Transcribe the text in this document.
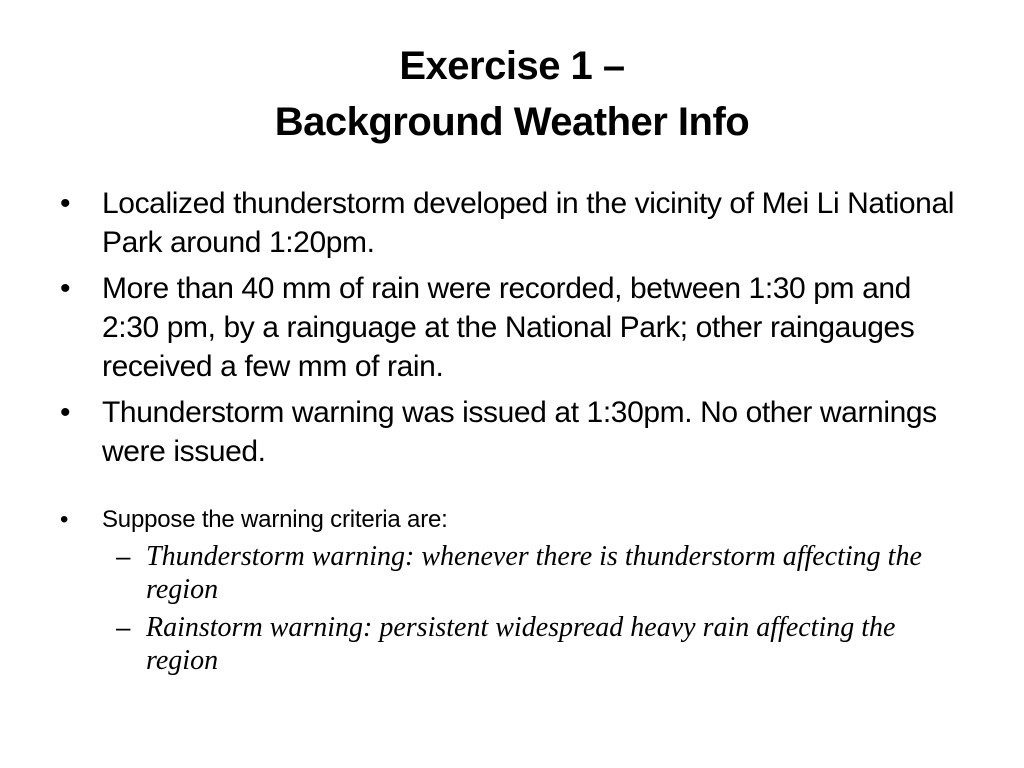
Exercise 1 –
Background Weather Info
•	Localized thunderstorm developed in the vicinity of Mei Li National Park around 1:20pm.
•	More than 40 mm of rain were recorded, between 1:30 pm and 2:30 pm, by a rainguage at the National Park; other raingauges received a few mm of rain.
•	Thunderstorm warning was issued at 1:30pm. No other warnings were issued.
•	Suppose the warning criteria are:
– Thunderstorm warning: whenever there is thunderstorm affecting the region
– Rainstorm warning: persistent widespread heavy rain affecting the region
